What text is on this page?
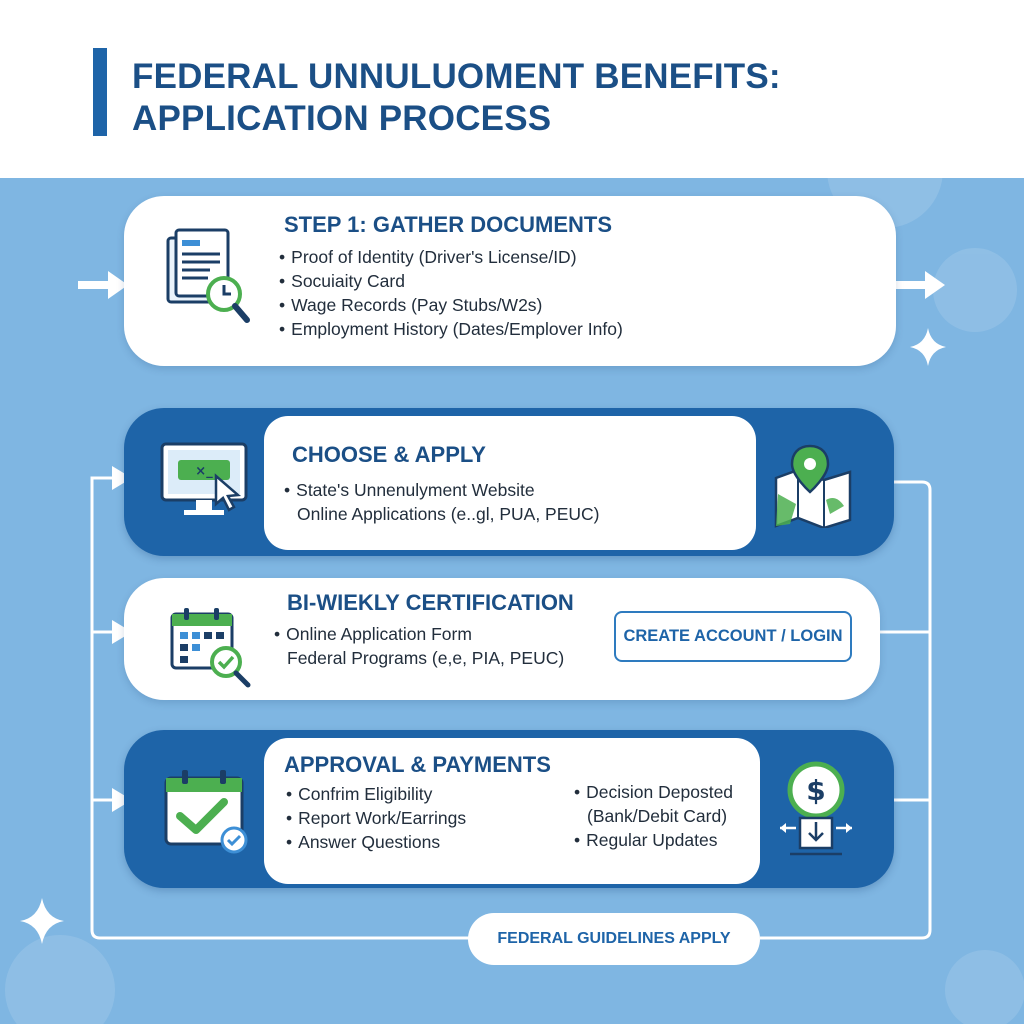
FEDERAL UNNULUOMENT BENEFITS:
APPLICATION PROCESS
STEP 1: GATHER DOCUMENTS
• Proof of Identity (Driver's License/ID)
• Socuiaity Card
• Wage Records (Pay Stubs/W2s)
• Employment History (Dates/Emplover Info)
×_
CHOOSE & APPLY
• State's Unnenulyment Website
Online Applications (e..gl, PUA, PEUC)
BI-WIEKLY CERTIFICATION
• Online Application Form
Federal Programs (e,e, PIA, PEUC)
CREATE ACCOUNT / LOGIN
APPROVAL & PAYMENTS
• Confrim Eligibility
• Report Work/Earrings
• Answer Questions
• Decision Deposted
(Bank/Debit Card)
• Regular Updates
$
FEDERAL GUIDELINES APPLY
